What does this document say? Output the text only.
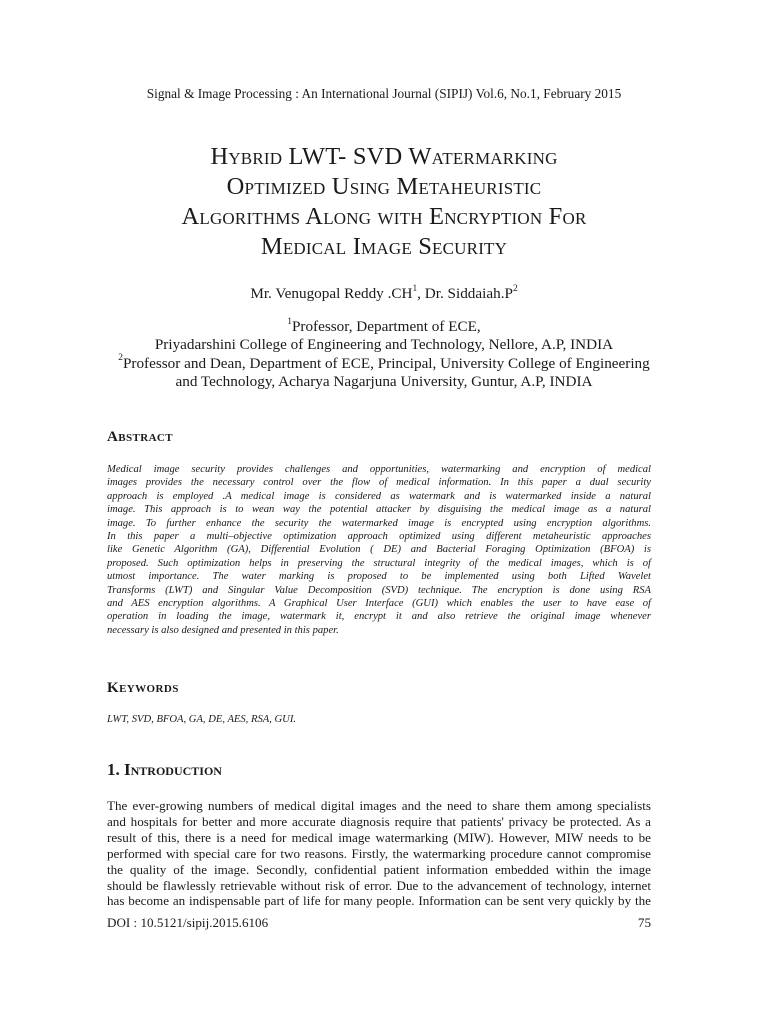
Signal & Image Processing : An International Journal (SIPIJ) Vol.6, No.1, February 2015
Hybrid LWT- SVD Watermarking
Optimized Using Metaheuristic
Algorithms Along with Encryption For
Medical Image Security
Mr. Venugopal Reddy $.CH^1$, Dr. $Siddaiah.P^2$
$^1$Professor, Department of ECE,
Priyadarshini College of Engineering and Technology, Nellore, A.P, INDIA
$^2$Professor and Dean, Department of ECE, Principal, University College of Engineering
and Technology, Acharya Nagarjuna University, Guntur, A.P, INDIA
Abstract
Medical image security provides challenges and opportunities, watermarking and encryption of medical
images provides the necessary control over the flow of medical information. In this paper a dual security
approach is employed .A medical image is considered as watermark and is watermarked inside a natural
image. This approach is to wean way the potential attacker by disguising the medical image as a natural
image. To further enhance the security the watermarked image is encrypted using encryption algorithms.
In this paper a multi–objective optimization approach optimized using different metaheuristic approaches
like Genetic Algorithm (GA), Differential Evolution ( DE) and Bacterial Foraging Optimization (BFOA) is
proposed. Such optimization helps in preserving the structural integrity of the medical images, which is of
utmost importance. The water marking is proposed to be implemented using both Lifted Wavelet
Transforms (LWT) and Singular Value Decomposition (SVD) technique. The encryption is done using RSA
and AES encryption algorithms. A Graphical User Interface (GUI) which enables the user to have ease of
operation in loading the image, watermark it, encrypt it and also retrieve the original image whenever
necessary is also designed and presented in this paper.
Keywords
LWT, SVD, BFOA, GA, DE, AES, RSA, GUI.
1. Introduction
The ever-growing numbers of medical digital images and the need to share them among specialists
and hospitals for better and more accurate diagnosis require that patients' privacy be protected. As a
result of this, there is a need for medical image watermarking (MIW). However, MIW needs to be
performed with special care for two reasons. Firstly, the watermarking procedure cannot compromise
the quality of the image. Secondly, confidential patient information embedded within the image
should be flawlessly retrievable without risk of error. Due to the advancement of technology, internet
has become an indispensable part of life for many people. Information can be sent very quickly by the
DOI : 10.5121/sipij.2015.6106	75
